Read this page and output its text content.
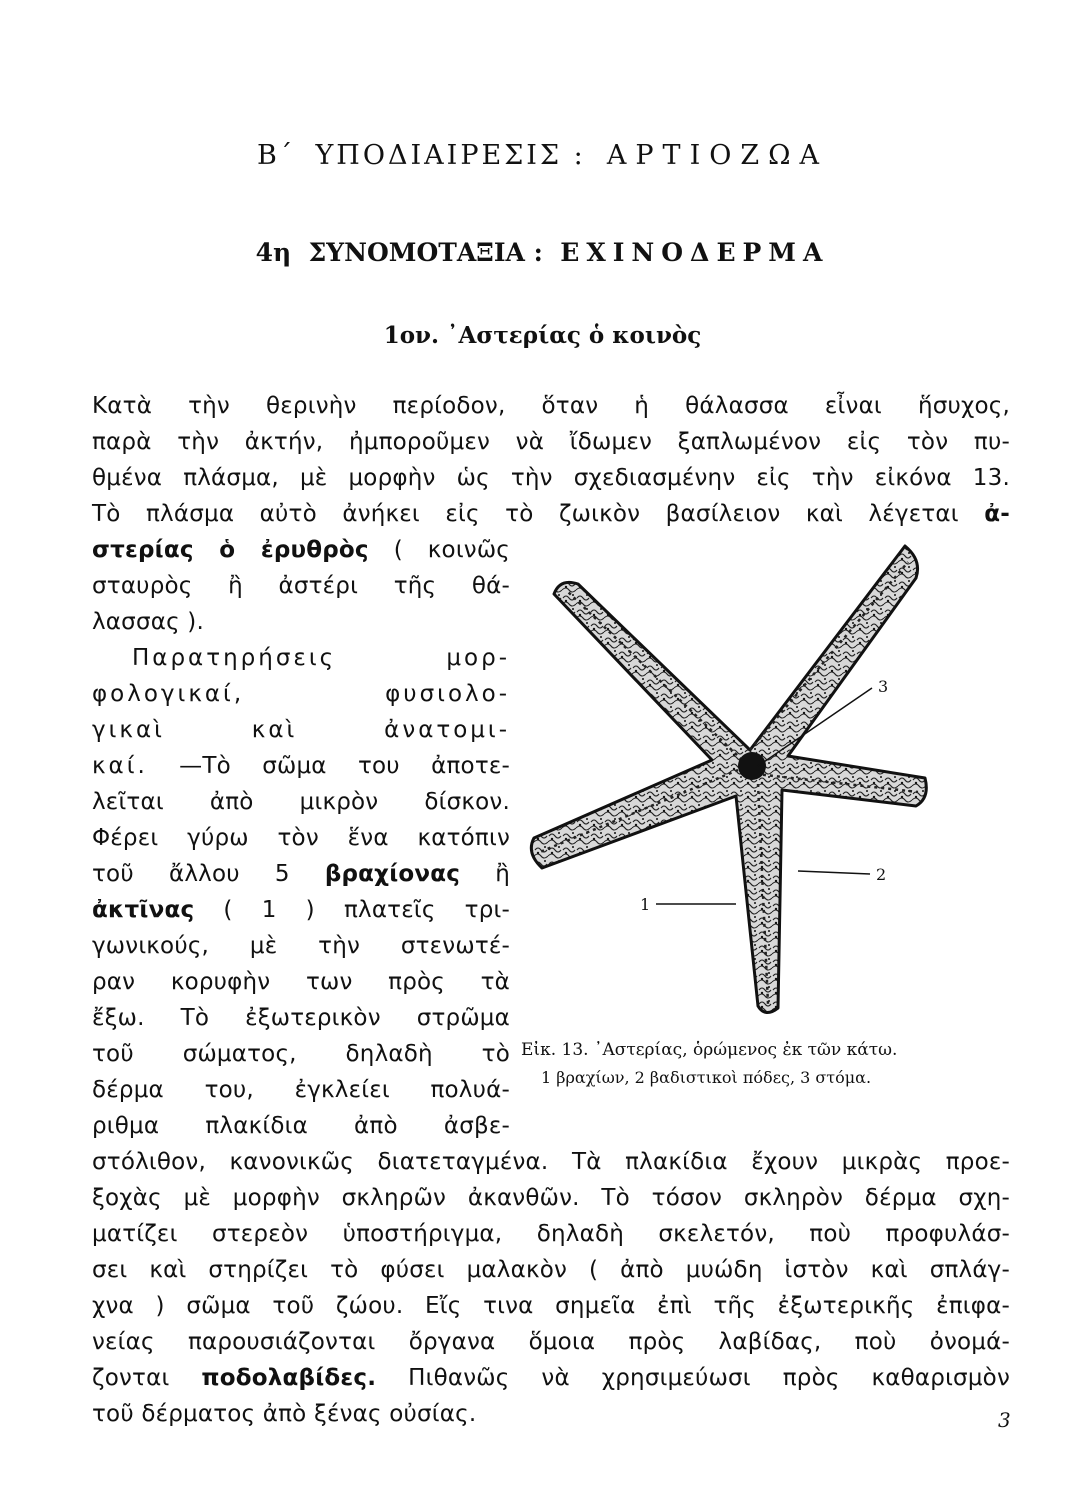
Β΄ ΥΠΟΔΙΑΙΡΕΣΙΣ : ΑΡΤΙΟΖΩΑ
4η ΣΥΝΟΜΟΤΑΞΙΑ : ΕΧΙΝΟΔΕΡΜΑ
1ον. ᾿Αστερίας ὁ κοινὸς
Κατὰ τὴν θερινὴν περίοδον, ὅταν ἡ θάλασσα εἶναι ἥσυχος,
παρὰ τὴν ἀκτήν, ἠμποροῦμεν νὰ ἴδωμεν ξαπλωμένον εἰς τὸν πυ-
θμένα πλάσμα, μὲ μορφὴν ὡς τὴν σχεδιασμένην εἰς τὴν εἰκόνα 13.
Τὸ πλάσμα αὐτὸ ἀνήκει εἰς τὸ ζωικὸν βασίλειον καὶ λέγεται ἀ-
στερίας ὁ ἐρυθρὸς ( κοινῶς
σταυρὸς ἢ ἀστέρι τῆς θά-
λασσας ).
Παρατηρήσεις μορ-
φολογικαί, φυσιολο-
γικαὶ καὶ ἀνατομι-
καί. —Τὸ σῶμα του ἀποτε-
λεῖται ἀπὸ μικρὸν δίσκον.
Φέρει γύρω τὸν ἕνα κατόπιν
τοῦ ἄλλου 5 βραχίονας ἢ
ἀκτῖνας ( 1 ) πλατεῖς τρι-
γωνικούς, μὲ τὴν στενωτέ-
ραν κορυφὴν των πρὸς τὰ
ἔξω. Τὸ ἐξωτερικὸν στρῶμα
τοῦ σώματος, δηλαδὴ τὸ
δέρμα του, ἐγκλείει πολυά-
ριθμα πλακίδια ἀπὸ ἀσβε-
στόλιθον, κανονικῶς διατεταγμένα. Τὰ πλακίδια ἔχουν μικρὰς προε-
ξοχὰς μὲ μορφὴν σκληρῶν ἀκανθῶν. Τὸ τόσον σκληρὸν δέρμα σχη-
ματίζει στερεὸν ὑποστήριγμα, δηλαδὴ σκελετόν, ποὺ προφυλάσ-
σει καὶ στηρίζει τὸ φύσει μαλακὸν ( ἀπὸ μυώδη ἱστὸν καὶ σπλάγ-
χνα ) σῶμα τοῦ ζώου. Εἴς τινα σημεῖα ἐπὶ τῆς ἐξωτερικῆς ἐπιφα-
νείας παρουσιάζονται ὄργανα ὅμοια πρὸς λαβίδας, ποὺ ὀνομά-
ζονται ποδολαβίδες. Πιθανῶς νὰ χρησιμεύωσι πρὸς καθαρισμὸν
τοῦ δέρματος ἀπὸ ξένας οὐσίας.
3
2
1
Εἰκ. 13. ᾿Αστερίας, ὁρώμενος ἐκ τῶν κάτω.
1 βραχίων, 2 βαδιστικοὶ πόδες, 3 στόμα.
3
